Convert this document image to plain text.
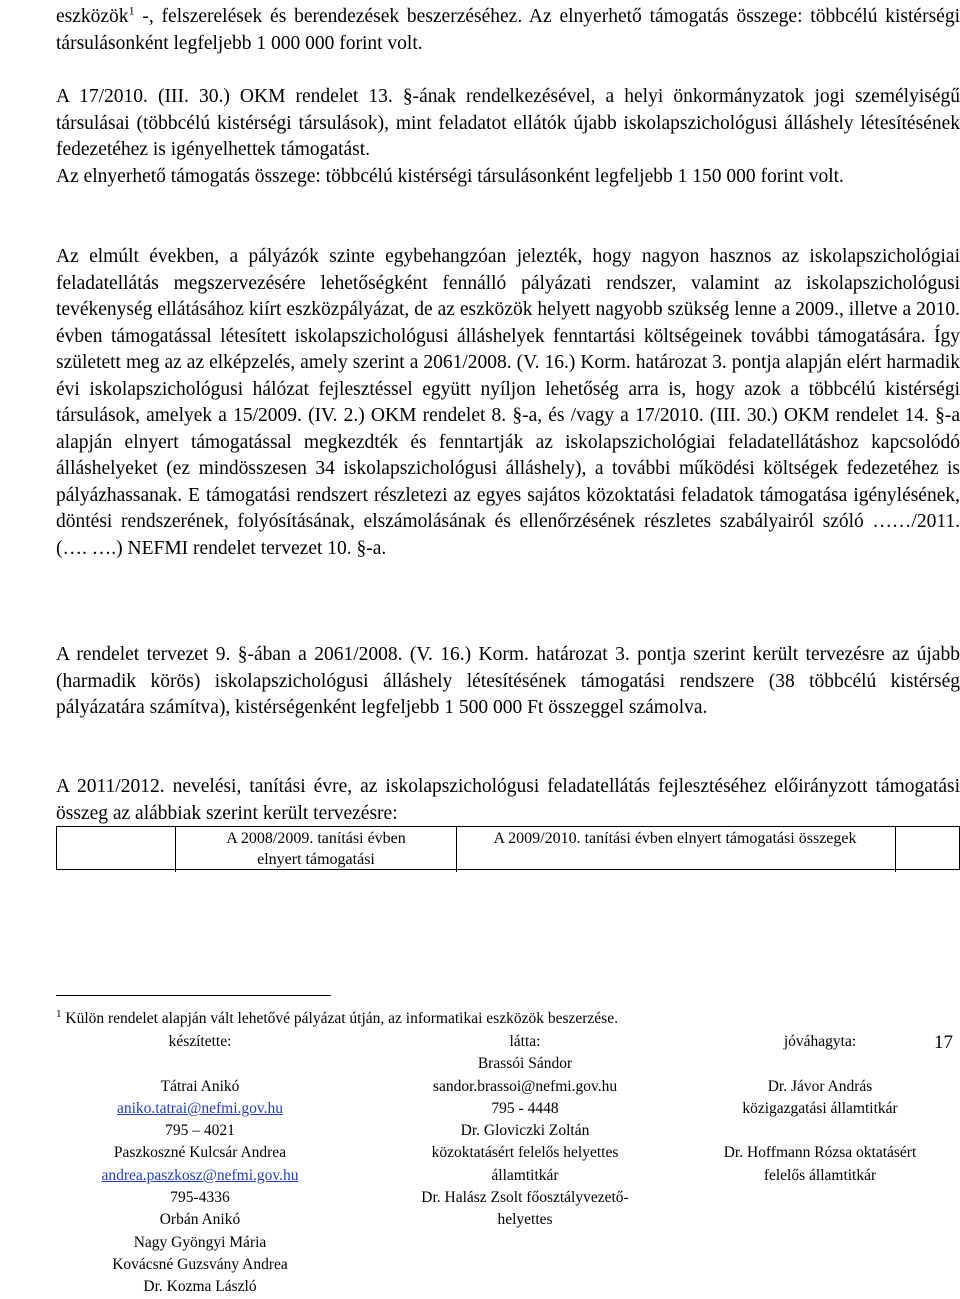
eszközök$^1$ -, felszerelések és berendezések beszerzéséhez. Az elnyerhető támogatás összege: többcélú kistérségi társulásonként legfeljebb 1 000 000 forint volt.

A 17/2010. (III. 30.) OKM rendelet 13. §-ának rendelkezésével, a helyi önkormányzatok jogi személyiségű társulásai (többcélú kistérségi társulások), mint feladatot ellátók újabb iskolapszichológusi álláshely létesítésének fedezetéhez is igényelhettek támogatást.

Az elnyerhető támogatás összege: többcélú kistérségi társulásonként legfeljebb 1 150 000 forint volt.

Az elmúlt években, a pályázók szinte egybehangzóan jelezték, hogy nagyon hasznos az iskolapszichológiai feladatellátás megszervezésére lehetőségként fennálló pályázati rendszer, valamint az iskolapszichológusi tevékenység ellátásához kiírt eszközpályázat, de az eszközök helyett nagyobb szükség lenne a 2009., illetve a 2010. évben támogatással létesített iskolapszichológusi álláshelyek fenntartási költségeinek további támogatására. Így született meg az az elképzelés, amely szerint a 2061/2008. (V. 16.) Korm. határozat 3. pontja alapján elért harmadik évi iskolapszichológusi hálózat fejlesztéssel együtt nyíljon lehetőség arra is, hogy azok a többcélú kistérségi társulások, amelyek a 15/2009. (IV. 2.) OKM rendelet 8. §-a, és /vagy a 17/2010. (III. 30.) OKM rendelet 14. §-a alapján elnyert támogatással megkezdték és fenntartják az iskolapszichológiai feladatellátáshoz kapcsolódó álláshelyeket (ez mindösszesen 34 iskolapszichológusi álláshely), a további működési költségek fedezetéhez is pályázhassanak. E támogatási rendszert részletezi az egyes sajátos közoktatási feladatok támogatása igénylésének, döntési rendszerének, folyósításának, elszámolásának és ellenőrzésének részletes szabályairól szóló ……/2011. (…. ….) NEFMI rendelet tervezet 10. §-a.

A rendelet tervezet 9. §-ában a 2061/2008. (V. 16.) Korm. határozat 3. pontja szerint került tervezésre az újabb (harmadik körös) iskolapszichológusi álláshely létesítésének támogatási rendszere (38 többcélú kistérség pályázatára számítva), kistérségenként legfeljebb 1 500 000 Ft összeggel számolva.

A 2011/2012. nevelési, tanítási évre, az iskolapszichológusi feladatellátás fejlesztéséhez előirányzott támogatási összeg az alábbiak szerint került tervezésre:

A 2008/2009. tanítási évben
elnyert támogatási
A 2009/2010. tanítási évben elnyert támogatási összegek
$^1$ Külön rendelet alapján vált lehetővé pályázat útján, az informatikai eszközök beszerzése.
készítette:

Tátrai Anikó
aniko.tatrai@nefmi.gov.hu
795 – 4021
Paszkoszné Kulcsár Andrea
andrea.paszkosz@nefmi.gov.hu
795-4336
Orbán Anikó
Nagy Gyöngyi Mária
Kovácsné Guzsvány Andrea
Dr. Kozma László
látta:
Brassói Sándor
sandor.brassoi@nefmi.gov.hu
795 - 4448
Dr. Gloviczki Zoltán
közoktatásért felelős helyettes
államtitkár
Dr. Halász Zsolt főosztályvezető-
helyettes
jóváhagyta:

Dr. Jávor András
közigazgatási államtitkár

Dr. Hoffmann Rózsa oktatásért
felelős államtitkár
17
